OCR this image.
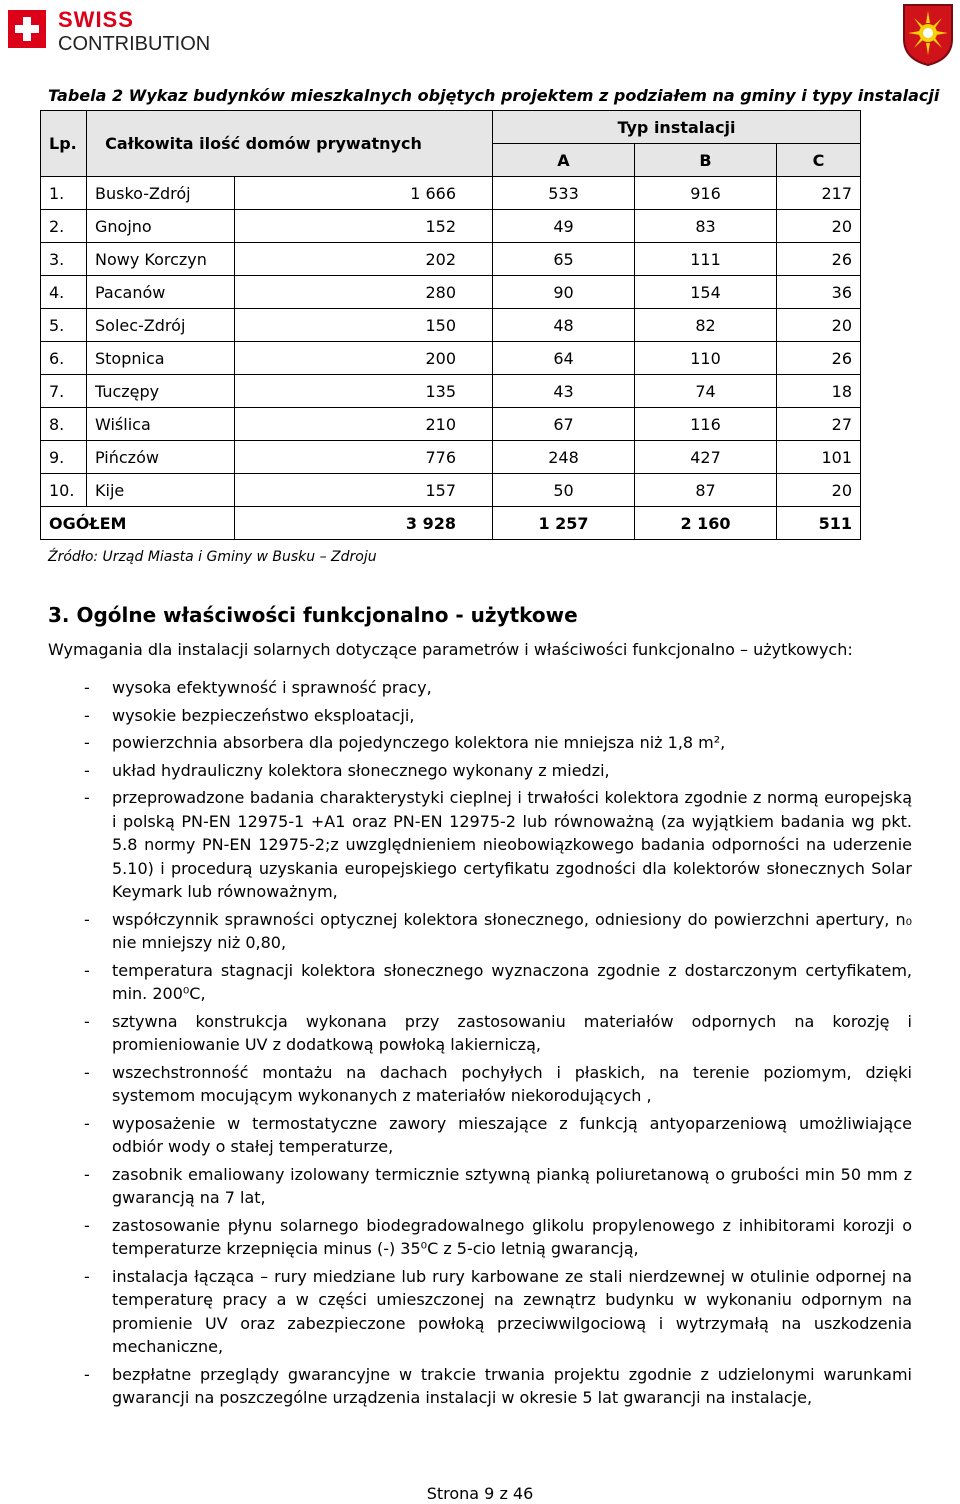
SWISS
CONTRIBUTION
Tabela 2 Wykaz budynków mieszkalnych objętych projektem z podziałem na gminy i typy instalacji
Lp.	Całkowita ilość domów prywatnych		Typ instalacji		
			A	B	C
1.	Busko-Zdrój	1 666	533	916	217
2.	Gnojno	152	49	83	20
3.	Nowy Korczyn	202	65	111	26
4.	Pacanów	280	90	154	36
5.	Solec-Zdrój	150	48	82	20
6.	Stopnica	200	64	110	26
7.	Tuczępy	135	43	74	18
8.	Wiślica	210	67	116	27
9.	Pińczów	776	248	427	101
10.	Kije	157	50	87	20
OGÓŁEM		3 928	1 257	2 160	511
Źródło: Urząd Miasta i Gminy w Busku – Zdroju
3. Ogólne właściwości funkcjonalno - użytkowe
Wymagania dla instalacji solarnych dotyczące parametrów i właściwości funkcjonalno – użytkowych:
- wysoka efektywność i sprawność pracy,
- wysokie bezpieczeństwo eksploatacji,
- powierzchnia absorbera dla pojedynczego kolektora nie mniejsza niż 1,8 m²,
- układ hydrauliczny kolektora słonecznego wykonany z miedzi,
- przeprowadzone badania charakterystyki cieplnej i trwałości kolektora zgodnie z normą europejską i polską PN-EN 12975-1 +A1 oraz PN-EN 12975-2 lub równoważną (za wyjątkiem badania wg pkt. 5.8 normy PN-EN 12975-2;z uwzględnieniem nieobowiązkowego badania odporności na uderzenie 5.10) i procedurą uzyskania europejskiego certyfikatu zgodności dla kolektorów słonecznych Solar Keymark lub równoważnym,
- współczynnik sprawności optycznej kolektora słonecznego, odniesiony do powierzchni apertury, n₀ nie mniejszy niż 0,80,
- temperatura stagnacji kolektora słonecznego wyznaczona zgodnie z dostarczonym certyfikatem, min. 200⁰C,
- sztywna konstrukcja wykonana przy zastosowaniu materiałów odpornych na korozję i promieniowanie UV z dodatkową powłoką lakierniczą,
- wszechstronność montażu na dachach pochyłych i płaskich, na terenie poziomym, dzięki systemom mocującym wykonanych z materiałów niekorodujących ,
- wyposażenie w termostatyczne zawory mieszające z funkcją antyoparzeniową umożliwiające odbiór wody o stałej temperaturze,
- zasobnik emaliowany izolowany termicznie sztywną pianką poliuretanową o grubości min 50 mm z gwarancją na 7 lat,
- zastosowanie płynu solarnego biodegradowalnego glikolu propylenowego z inhibitorami korozji o temperaturze krzepnięcia minus (-) 35⁰C z 5-cio letnią gwarancją,
- instalacja łącząca – rury miedziane lub rury karbowane ze stali nierdzewnej w otulinie odpornej na temperaturę pracy a w części umieszczonej na zewnątrz budynku w wykonaniu odpornym na promienie UV oraz zabezpieczone powłoką przeciwwilgociową i wytrzymałą na uszkodzenia mechaniczne,
- bezpłatne przeglądy gwarancyjne w trakcie trwania projektu zgodnie z udzielonymi warunkami gwarancji na poszczególne urządzenia instalacji w okresie 5 lat gwarancji na instalacje,
Strona 9 z 46
